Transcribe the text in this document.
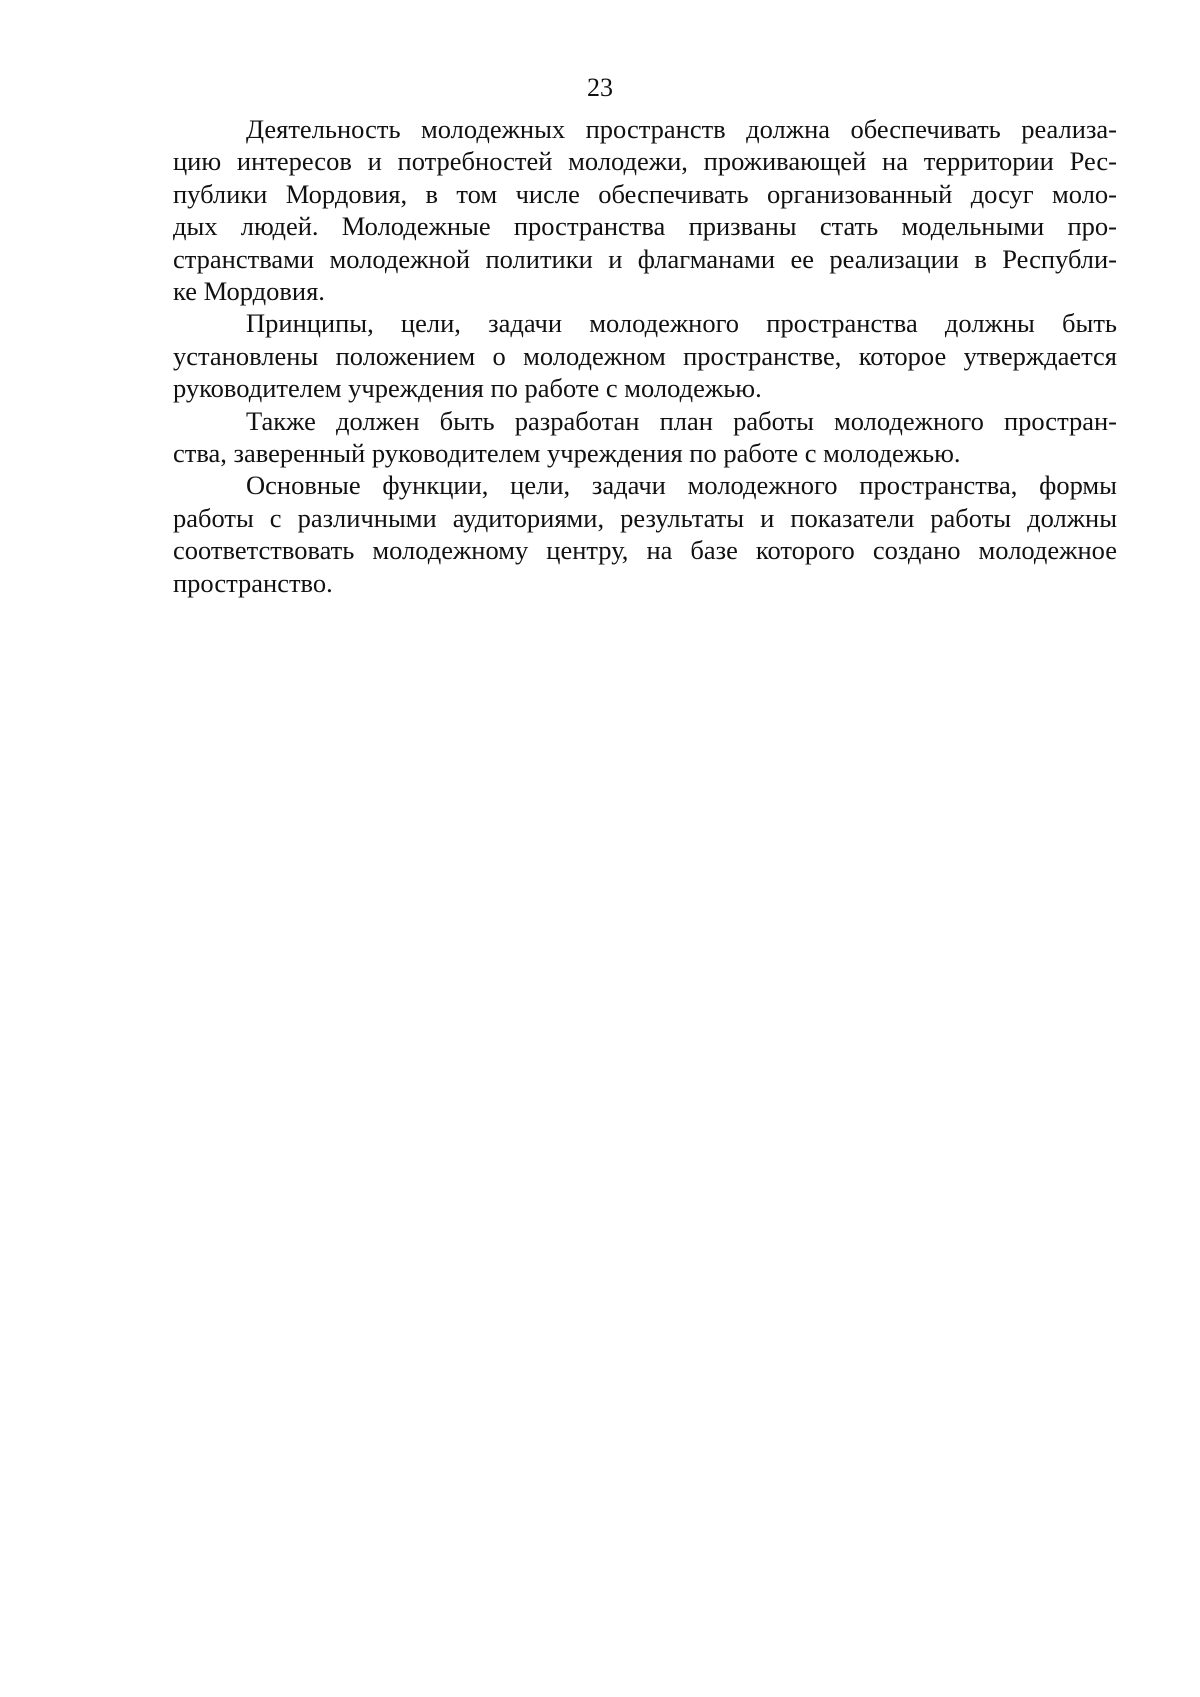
23
Деятельность молодежных пространств должна обеспечивать реализа-
цию интересов и потребностей молодежи, проживающей на территории Рес-
публики Мордовия, в том числе обеспечивать организованный досуг моло-
дых людей. Молодежные пространства призваны стать модельными про-
странствами молодежной политики и флагманами ее реализации в Республи-
ке Мордовия.
Принципы, цели, задачи молодежного пространства должны быть
установлены положением о молодежном пространстве, которое утверждается
руководителем учреждения по работе с молодежью.
Также должен быть разработан план работы молодежного простран-
ства, заверенный руководителем учреждения по работе с молодежью.
Основные функции, цели, задачи молодежного пространства, формы
работы с различными аудиториями, результаты и показатели работы должны
соответствовать молодежному центру, на базе которого создано молодежное
пространство.
